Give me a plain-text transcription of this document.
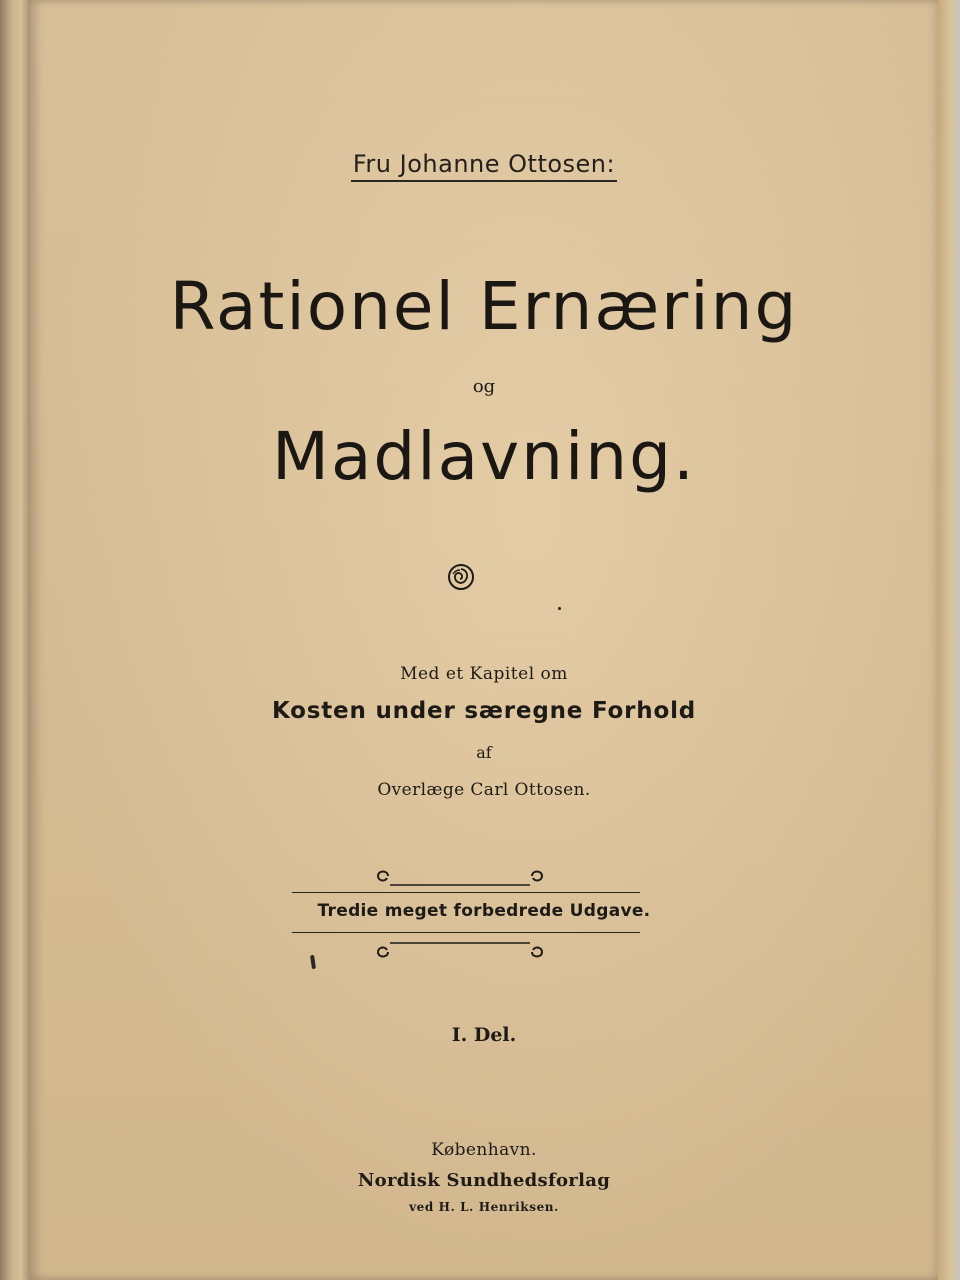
Fru Johanne Ottosen:
Rationel Ernæring
og
Madlavning.
Med et Kapitel om
Kosten under særegne Forhold
af
Overlæge Carl Ottosen.
Tredie meget forbedrede Udgave.
I. Del.
København.
Nordisk Sundhedsforlag
ved H. L. Henriksen.
